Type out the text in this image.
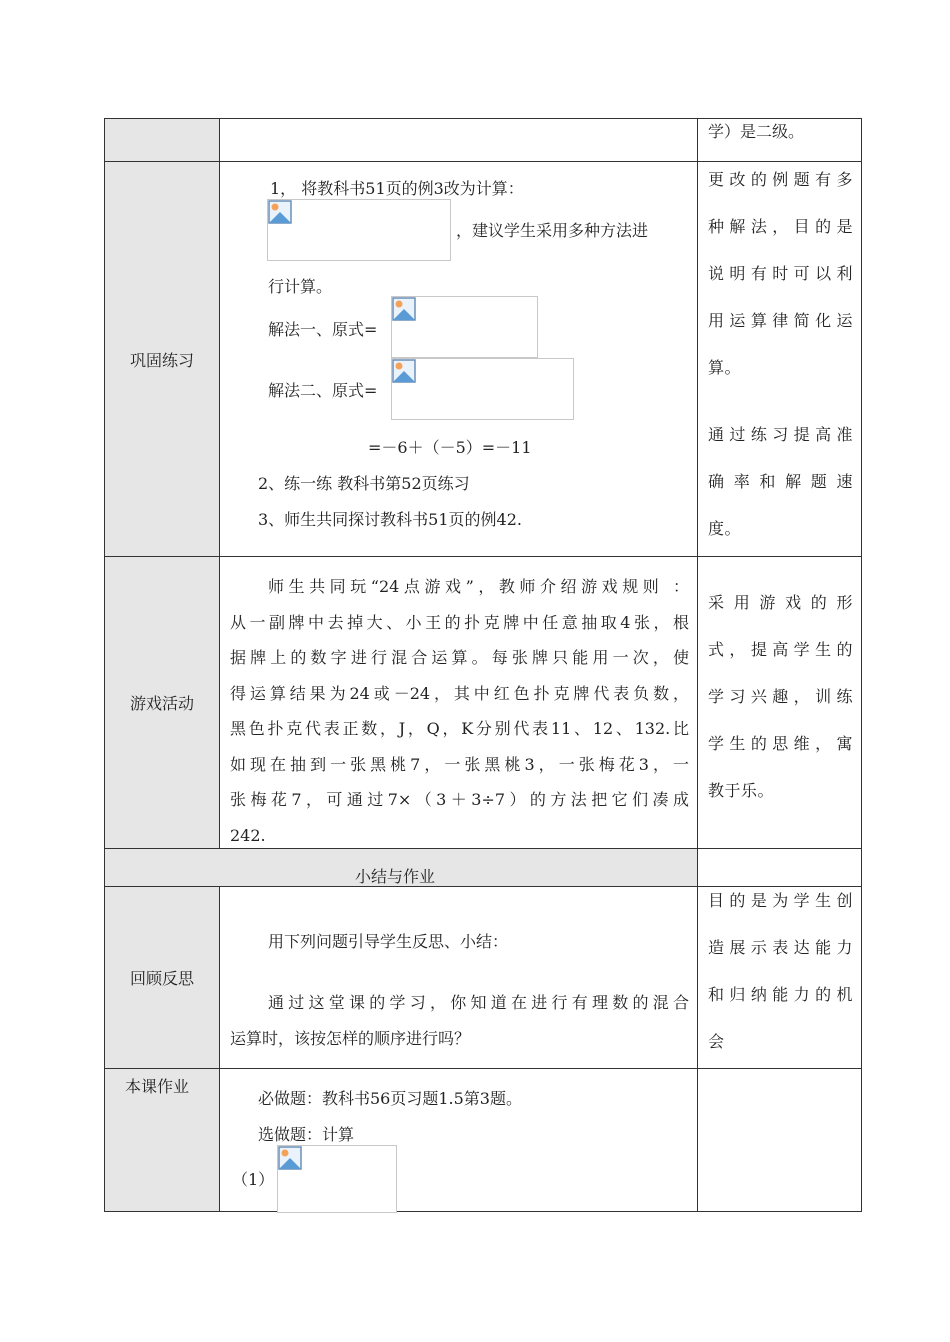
学）是二级。
巩固练习
1， 将教科书51页的例3改为计算：
，建议学生采用多种方法进
行计算。
解法一、原式=
解法二、原式=
=－6＋（－5）=－11
2、练一练 教科书第52页练习
3、师生共同探讨教科书51页的例42.
更改的例题有多
种解法，目的是
说明有时可以利
用运算律简化运
算。
通过练习提高准
确率和解题速
度。
游戏活动
师生共同玩“24点游戏”，教师介绍游戏规则 ：
从一副牌中去掉大、小王的扑克牌中任意抽取4张，根
据牌上的数字进行混合运算。每张牌只能用一次，使
得运算结果为24或－24，其中红色扑克牌代表负数，
黑色扑克代表正数，J，Q，K分别代表11、12、132.比
如现在抽到一张黑桃7，一张黑桃3，一张梅花3，一
张梅花7，可通过7×（3＋3÷7）的方法把它们凑成
242.
采用游戏的形
式，提高学生的
学习兴趣，训练
学生的思维，寓
教于乐。
小结与作业
回顾反思
用下列问题引导学生反思、小结：
通过这堂课的学习，你知道在进行有理数的混合
运算时，该按怎样的顺序进行吗？
目的是为学生创
造展示表达能力
和归纳能力的机
会
本课作业
必做题：教科书56页习题1.5第3题。
选做题：计算
（1）
